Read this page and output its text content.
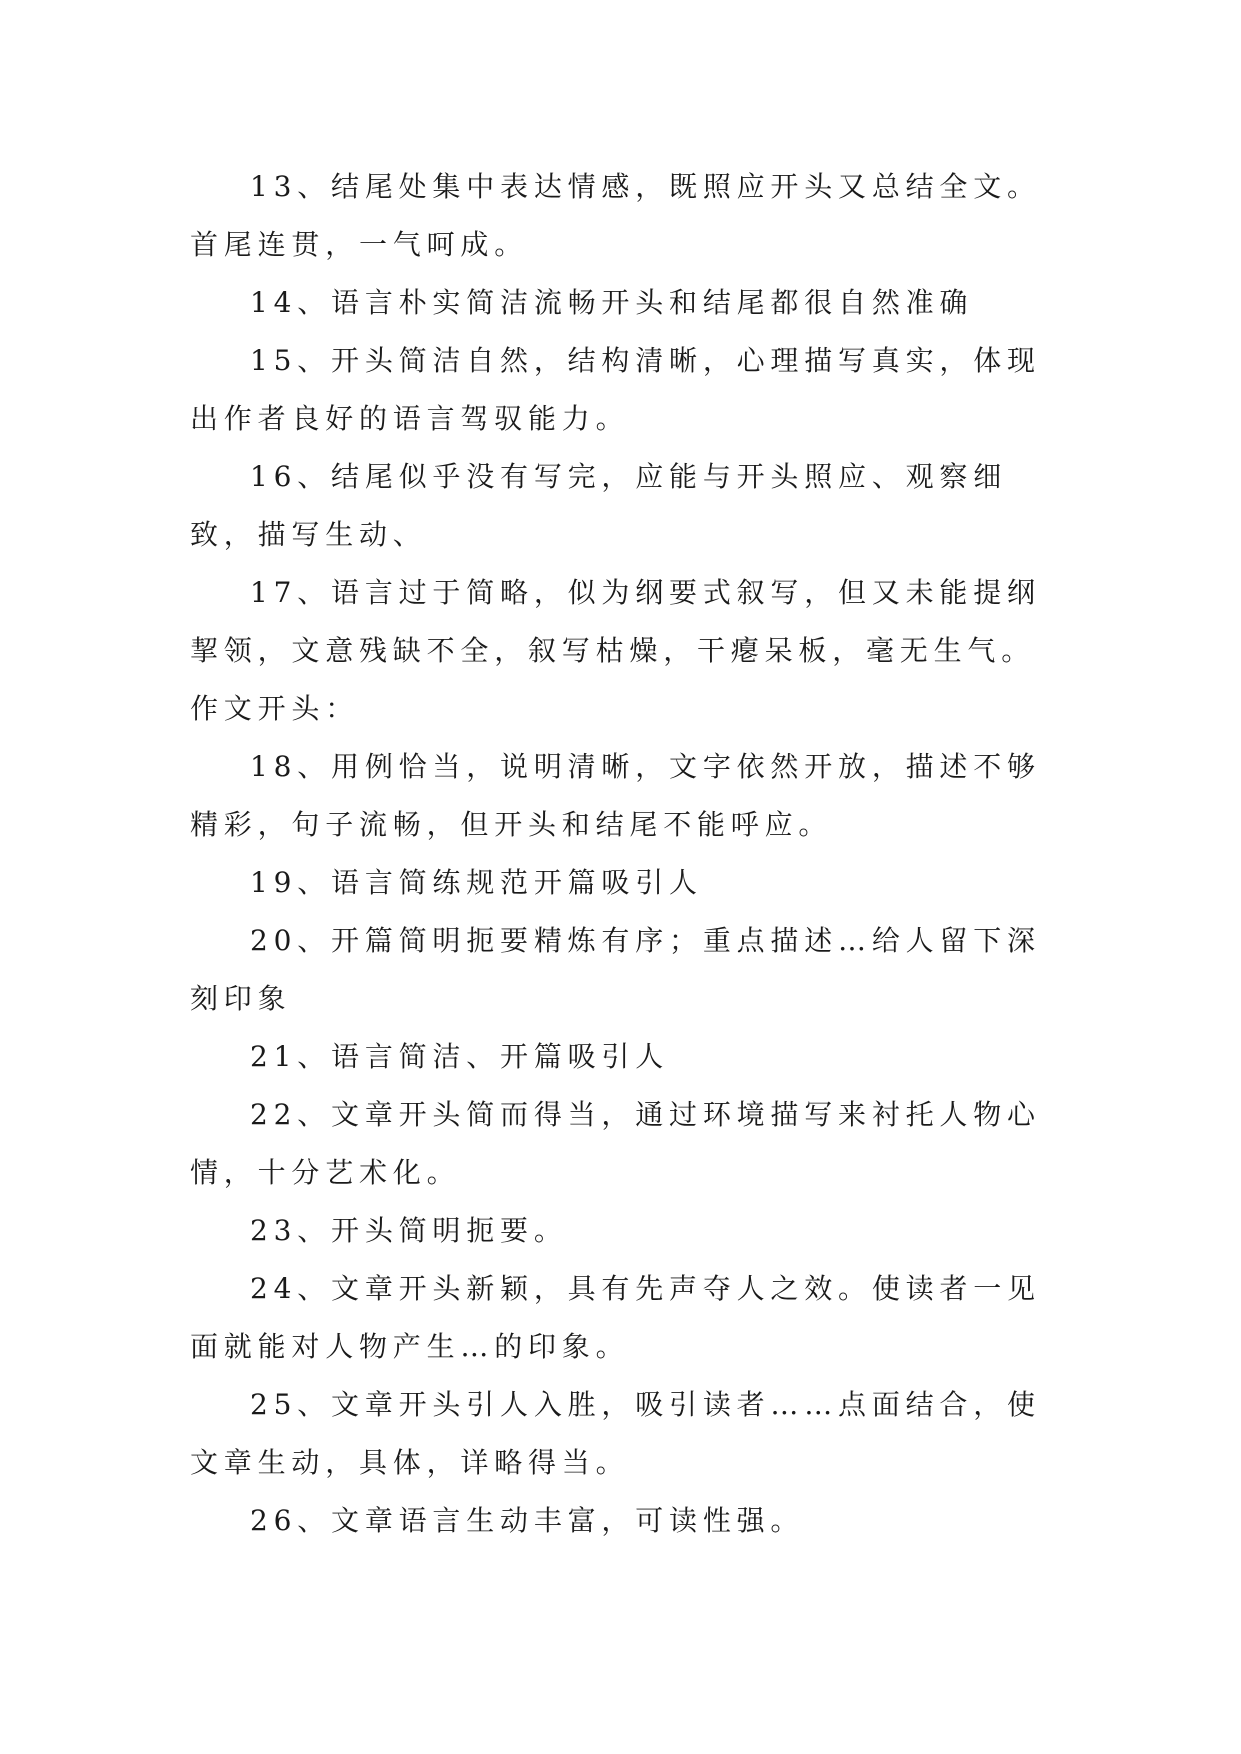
13、结尾处集中表达情感，既照应开头又总结全文。首尾连贯，一气呵成。

14、语言朴实简洁流畅开头和结尾都很自然准确

15、开头简洁自然，结构清晰，心理描写真实，体现出作者良好的语言驾驭能力。

16、结尾似乎没有写完，应能与开头照应、观察细致，描写生动、

17、语言过于简略，似为纲要式叙写，但又未能提纲挈领，文意残缺不全，叙写枯燥，干瘪呆板，毫无生气。作文开头：

18、用例恰当，说明清晰，文字依然开放，描述不够精彩，句子流畅，但开头和结尾不能呼应。

19、语言简练规范开篇吸引人

20、开篇简明扼要精炼有序；重点描述…给人留下深刻印象

21、语言简洁、开篇吸引人

22、文章开头简而得当，通过环境描写来衬托人物心情，十分艺术化。

23、开头简明扼要。

24、文章开头新颖，具有先声夺人之效。使读者一见面就能对人物产生…的印象。

25、文章开头引人入胜，吸引读者……点面结合，使文章生动，具体，详略得当。

26、文章语言生动丰富，可读性强。
